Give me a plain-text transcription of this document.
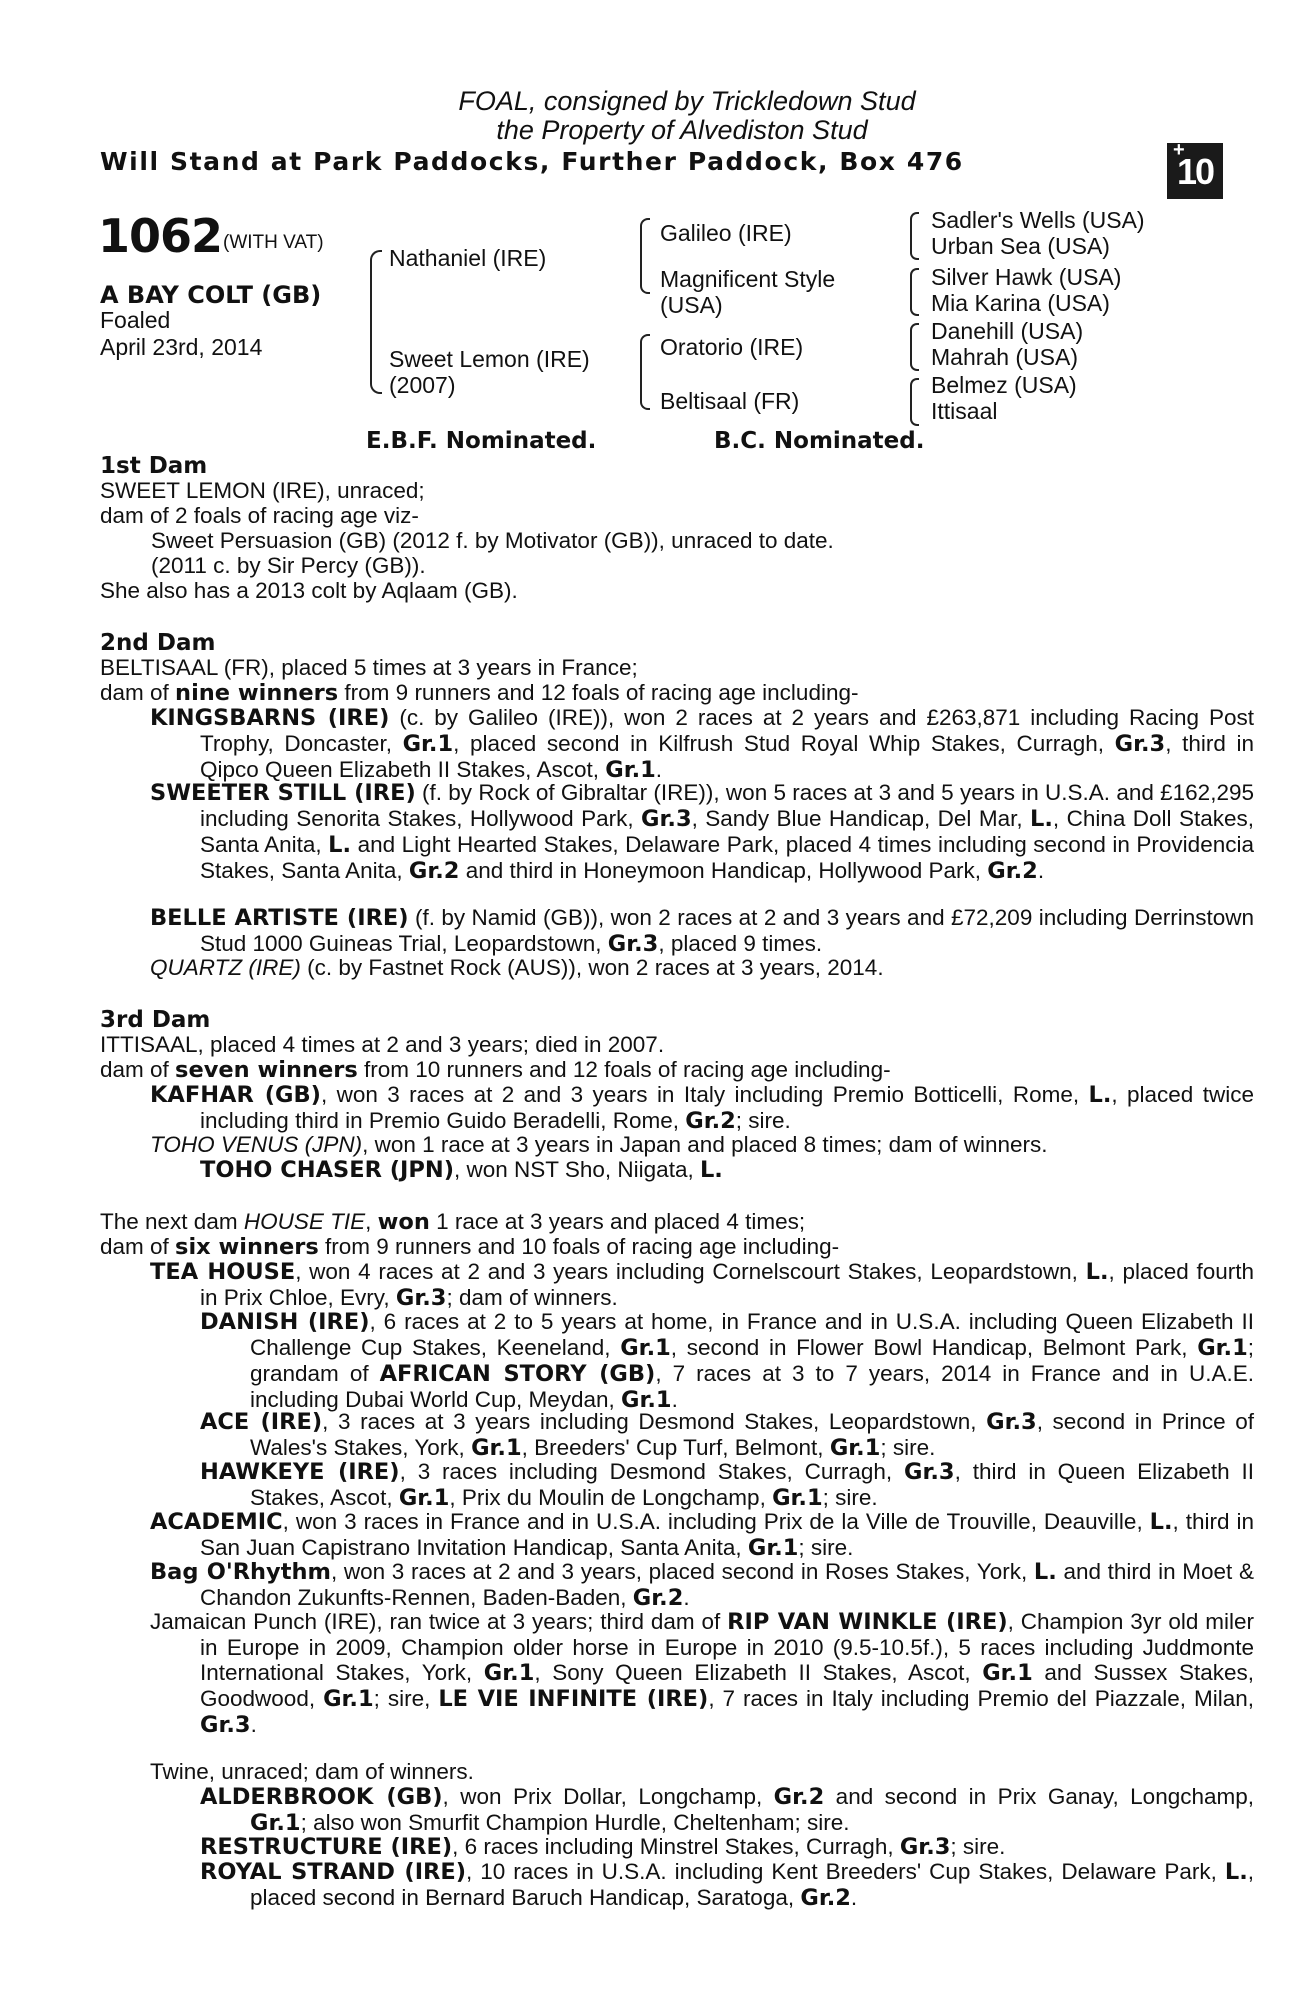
FOAL, consigned by Trickledown Stud
the Property of Alvediston Stud
Will Stand at Park Paddocks, Further Paddock, Box 476	+
10
1062 (WITH VAT)
A BAY COLT (GB)
Foaled
April 23rd, 2014
Nathaniel (IRE)
Sweet Lemon (IRE)
(2007)
Galileo (IRE)
Magnificent Style
(USA)
Oratorio (IRE)
Beltisaal (FR)
Sadler's Wells (USA)
Urban Sea (USA)
Silver Hawk (USA)
Mia Karina (USA)
Danehill (USA)
Mahrah (USA)
Belmez (USA)
Ittisaal
E.B.F. Nominated.	B.C. Nominated.
1st Dam
SWEET LEMON (IRE), unraced;
dam of 2 foals of racing age viz-
Sweet Persuasion (GB) (2012 f. by Motivator (GB)), unraced to date.
(2011 c. by Sir Percy (GB)).
She also has a 2013 colt by Aqlaam (GB).
2nd Dam
BELTISAAL (FR), placed 5 times at 3 years in France;
dam of nine winners from 9 runners and 12 foals of racing age including-
KINGSBARNS (IRE) (c. by Galileo (IRE)), won 2 races at 2 years and £263,871 including Racing Post Trophy, Doncaster, Gr.1, placed second in Kilfrush Stud Royal Whip Stakes, Curragh, Gr.3, third in Qipco Queen Elizabeth II Stakes, Ascot, Gr.1.
SWEETER STILL (IRE) (f. by Rock of Gibraltar (IRE)), won 5 races at 3 and 5 years in U.S.A. and £162,295 including Senorita Stakes, Hollywood Park, Gr.3, Sandy Blue Handicap, Del Mar, L., China Doll Stakes, Santa Anita, L. and Light Hearted Stakes, Delaware Park, placed 4 times including second in Providencia Stakes, Santa Anita, Gr.2 and third in Honeymoon Handicap, Hollywood Park, Gr.2.
BELLE ARTISTE (IRE) (f. by Namid (GB)), won 2 races at 2 and 3 years and £72,209 including Derrinstown Stud 1000 Guineas Trial, Leopardstown, Gr.3, placed 9 times.
QUARTZ (IRE) (c. by Fastnet Rock (AUS)), won 2 races at 3 years, 2014.
3rd Dam
ITTISAAL, placed 4 times at 2 and 3 years; died in 2007.
dam of seven winners from 10 runners and 12 foals of racing age including-
KAFHAR (GB), won 3 races at 2 and 3 years in Italy including Premio Botticelli, Rome, L., placed twice including third in Premio Guido Beradelli, Rome, Gr.2; sire.
TOHO VENUS (JPN), won 1 race at 3 years in Japan and placed 8 times; dam of winners.
TOHO CHASER (JPN), won NST Sho, Niigata, L.
The next dam HOUSE TIE, won 1 race at 3 years and placed 4 times;
dam of six winners from 9 runners and 10 foals of racing age including-
TEA HOUSE, won 4 races at 2 and 3 years including Cornelscourt Stakes, Leopardstown, L., placed fourth in Prix Chloe, Evry, Gr.3; dam of winners.
DANISH (IRE), 6 races at 2 to 5 years at home, in France and in U.S.A. including Queen Elizabeth II Challenge Cup Stakes, Keeneland, Gr.1, second in Flower Bowl Handicap, Belmont Park, Gr.1; grandam of AFRICAN STORY (GB), 7 races at 3 to 7 years, 2014 in France and in U.A.E. including Dubai World Cup, Meydan, Gr.1.
ACE (IRE), 3 races at 3 years including Desmond Stakes, Leopardstown, Gr.3, second in Prince of Wales's Stakes, York, Gr.1, Breeders' Cup Turf, Belmont, Gr.1; sire.
HAWKEYE (IRE), 3 races including Desmond Stakes, Curragh, Gr.3, third in Queen Elizabeth II Stakes, Ascot, Gr.1, Prix du Moulin de Longchamp, Gr.1; sire.
ACADEMIC, won 3 races in France and in U.S.A. including Prix de la Ville de Trouville, Deauville, L., third in San Juan Capistrano Invitation Handicap, Santa Anita, Gr.1; sire.
Bag O'Rhythm, won 3 races at 2 and 3 years, placed second in Roses Stakes, York, L. and third in Moet & Chandon Zukunfts-Rennen, Baden-Baden, Gr.2.
Jamaican Punch (IRE), ran twice at 3 years; third dam of RIP VAN WINKLE (IRE), Champion 3yr old miler in Europe in 2009, Champion older horse in Europe in 2010 (9.5-10.5f.), 5 races including Juddmonte International Stakes, York, Gr.1, Sony Queen Elizabeth II Stakes, Ascot, Gr.1 and Sussex Stakes, Goodwood, Gr.1; sire, LE VIE INFINITE (IRE), 7 races in Italy including Premio del Piazzale, Milan, Gr.3.
Twine, unraced; dam of winners.
ALDERBROOK (GB), won Prix Dollar, Longchamp, Gr.2 and second in Prix Ganay, Longchamp, Gr.1; also won Smurfit Champion Hurdle, Cheltenham; sire.
RESTRUCTURE (IRE), 6 races including Minstrel Stakes, Curragh, Gr.3; sire.
ROYAL STRAND (IRE), 10 races in U.S.A. including Kent Breeders' Cup Stakes, Delaware Park, L., placed second in Bernard Baruch Handicap, Saratoga, Gr.2.
